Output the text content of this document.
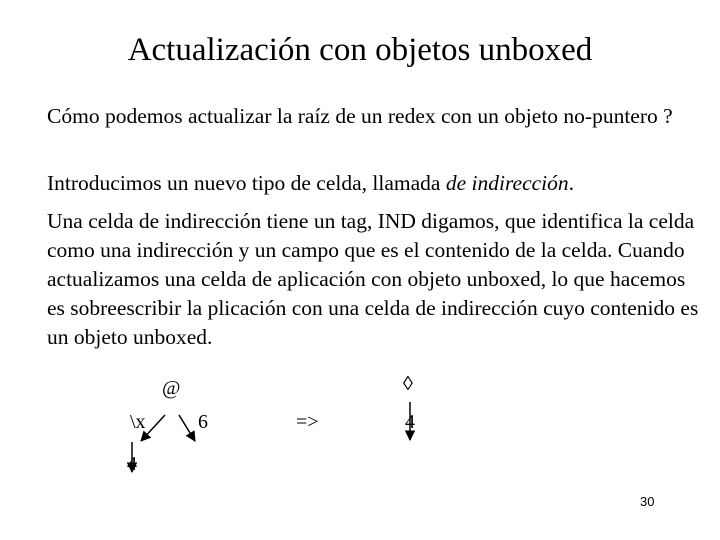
Actualización con objetos unboxed

Cómo podemos actualizar la raíz de un redex con un objeto no-puntero ?

Introducimos un nuevo tipo de celda, llamada de indirección.

Una celda de indirección tiene un tag, IND digamos, que identifica la celda como una indirección y un campo que es el contenido de la celda. Cuando actualizamos una celda de aplicación con objeto unboxed, lo que hacemos es sobreescribir la plicación con una celda de indirección cuyo contenido es un objeto unboxed.

@
\x	6
4
=>
◊
4
30
